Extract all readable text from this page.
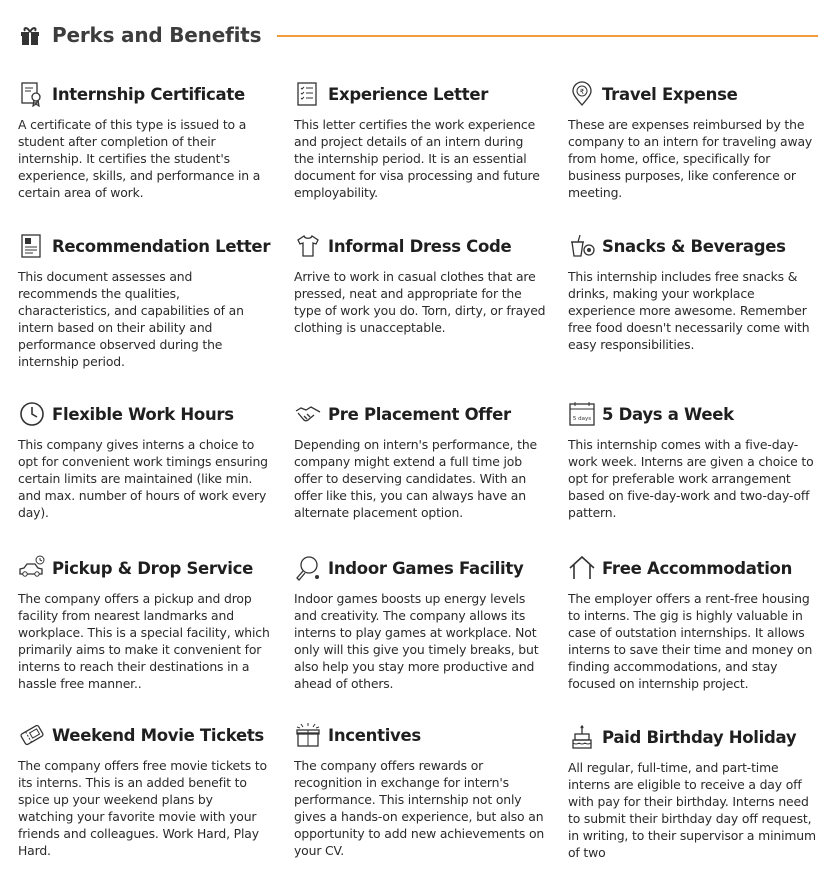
Perks and Benefits
Internship Certificate
A certificate of this type is issued to a student after completion of their internship. It certifies the student's experience, skills, and performance in a certain area of work.
Experience Letter
This letter certifies the work experience and project details of an intern during the internship period. It is an essential document for visa processing and future employability.
₹ Travel Expense
These are expenses reimbursed by the company to an intern for traveling away from home, office, specifically for business purposes, like conference or meeting.
Recommendation Letter
This document assesses and recommends the qualities, characteristics, and capabilities of an intern based on their ability and performance observed during the internship period.
Informal Dress Code
Arrive to work in casual clothes that are pressed, neat and appropriate for the type of work you do. Torn, dirty, or frayed clothing is unacceptable.
Snacks & Beverages
This internship includes free snacks & drinks, making your workplace experience more awesome. Remember free food doesn't necessarily come with easy responsibilities.
Flexible Work Hours
This company gives interns a choice to opt for convenient work timings ensuring certain limits are maintained (like min. and max. number of hours of work every day).
Pre Placement Offer
Depending on intern's performance, the company might extend a full time job offer to deserving candidates. With an offer like this, you can always have an alternate placement option.
5 days 5 Days a Week
This internship comes with a five-day-work week. Interns are given a choice to opt for preferable work arrangement based on five-day-work and two-day-off pattern.
Pickup & Drop Service
The company offers a pickup and drop facility from nearest landmarks and workplace. This is a special facility, which primarily aims to make it convenient for interns to reach their destinations in a hassle free manner..
Indoor Games Facility
Indoor games boosts up energy levels and creativity. The company allows its interns to play games at workplace. Not only will this give you timely breaks, but also help you stay more productive and ahead of others.
Free Accommodation
The employer offers a rent-free housing to interns. The gig is highly valuable in case of outstation internships. It allows interns to save their time and money on finding accommodations, and stay focused on internship project.
Weekend Movie Tickets
The company offers free movie tickets to its interns. This is an added benefit to spice up your weekend plans by watching your favorite movie with your friends and colleagues. Work Hard, Play Hard.
Incentives
The company offers rewards or recognition in exchange for intern's performance. This internship not only gives a hands-on experience, but also an opportunity to add new achievements on your CV.
Paid Birthday Holiday
All regular, full-time, and part-time interns are eligible to receive a day off with pay for their birthday. Interns need to submit their birthday day off request, in writing, to their supervisor a minimum of two
